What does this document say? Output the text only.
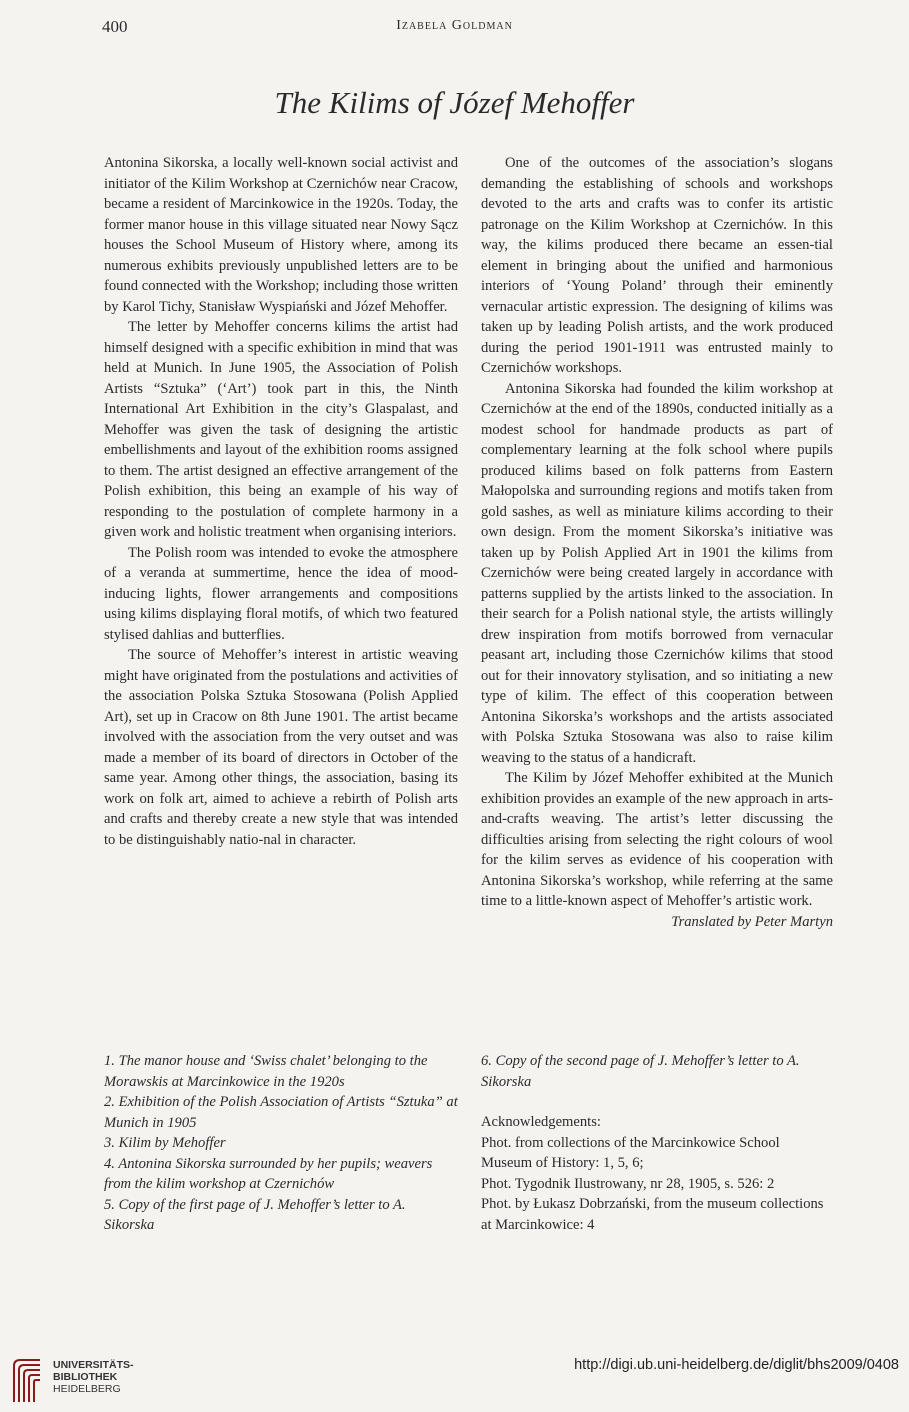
400	Izabela Goldman
The Kilims of Józef Mehoffer

Antonina Sikorska, a locally well-known social activist and initiator of the Kilim Workshop at Czernichów near Cracow, became a resident of Marcinkowice in the 1920s. Today, the former manor house in this village situated near Nowy Sącz houses the School Museum of History where, among its numerous exhibits previously unpublished letters are to be found connected with the Workshop; including those written by Karol Tichy, Stanisław Wyspiański and Józef Mehoffer.

The letter by Mehoffer concerns kilims the artist had himself designed with a specific exhibition in mind that was held at Munich. In June 1905, the Association of Polish Artists “Sztuka” (‘Art’) took part in this, the Ninth International Art Exhibition in the city’s Glaspalast, and Mehoffer was given the task of designing the artistic embellishments and layout of the exhibition rooms assigned to them. The artist designed an effective arrangement of the Polish exhibition, this being an example of his way of responding to the postulation of complete harmony in a given work and holistic treatment when organising interiors.

The Polish room was intended to evoke the atmosphere of a veranda at summertime, hence the idea of mood-inducing lights, flower arrangements and compositions using kilims displaying floral motifs, of which two featured stylised dahlias and butterflies.

The source of Mehoffer’s interest in artistic weaving might have originated from the postulations and activities of the association Polska Sztuka Stosowana (Polish Applied Art), set up in Cracow on 8th June 1901. The artist became involved with the association from the very outset and was made a member of its board of directors in October of the same year. Among other things, the association, basing its work on folk art, aimed to achieve a rebirth of Polish arts and crafts and thereby create a new style that was intended to be distinguishably natio-nal in character.

One of the outcomes of the association’s slogans demanding the establishing of schools and workshops devoted to the arts and crafts was to confer its artistic patronage on the Kilim Workshop at Czernichów. In this way, the kilims produced there became an essen-tial element in bringing about the unified and harmonious interiors of ‘Young Poland’ through their eminently vernacular artistic expression. The designing of kilims was taken up by leading Polish artists, and the work produced during the period 1901-1911 was entrusted mainly to Czernichów workshops.

Antonina Sikorska had founded the kilim workshop at Czernichów at the end of the 1890s, conducted initially as a modest school for handmade products as part of complementary learning at the folk school where pupils produced kilims based on folk patterns from Eastern Małopolska and surrounding regions and motifs taken from gold sashes, as well as miniature kilims according to their own design. From the moment Sikorska’s initiative was taken up by Polish Applied Art in 1901 the kilims from Czernichów were being created largely in accordance with patterns supplied by the artists linked to the association. In their search for a Polish national style, the artists willingly drew inspiration from motifs borrowed from vernacular peasant art, including those Czernichów kilims that stood out for their innovatory stylisation, and so initiating a new type of kilim. The effect of this cooperation between Antonina Sikorska’s workshops and the artists associated with Polska Sztuka Stosowana was also to raise kilim weaving to the status of a handicraft.

The Kilim by Józef Mehoffer exhibited at the Munich exhibition provides an example of the new approach in arts-and-crafts weaving. The artist’s letter discussing the difficulties arising from selecting the right colours of wool for the kilim serves as evidence of his cooperation with Antonina Sikorska’s workshop, while referring at the same time to a little-known aspect of Mehoffer’s artistic work.

Translated by Peter Martyn

1. The manor house and ‘Swiss chalet’ belonging to the Morawskis at Marcinkowice in the 1920s

2. Exhibition of the Polish Association of Artists “Sztuka” at Munich in 1905

3. Kilim by Mehoffer

4. Antonina Sikorska surrounded by her pupils; weavers from the kilim workshop at Czernichów

5. Copy of the first page of J. Mehoffer’s letter to A. Sikorska

6. Copy of the second page of J. Mehoffer’s letter to A. Sikorska

Acknowledgements:

Phot. from collections of the Marcinkowice School Museum of History: 1, 5, 6;

Phot. Tygodnik Ilustrowany, nr 28, 1905, s. 526: 2

Phot. by Łukasz Dobrzański, from the museum collections at Marcinkowice: 4

UNIVERSITÄTS-
BIBLIOTHEK
HEIDELBERG
http://digi.ub.uni-heidelberg.de/diglit/bhs2009/0408
